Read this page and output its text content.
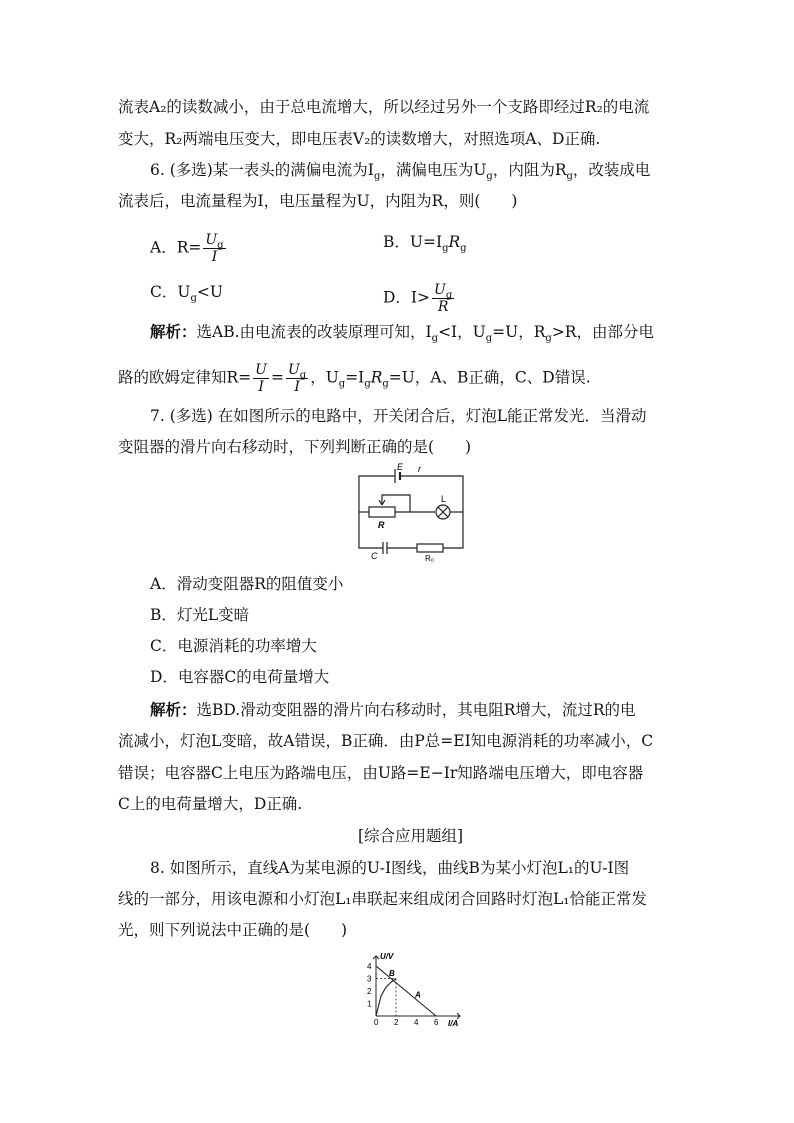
流表A₂的读数减小，由于总电流增大，所以经过另外一个支路即经过R₂的电流
变大，R₂两端电压变大，即电压表V₂的读数增大，对照选项A、D正确.
6. (多选)某一表头的满偏电流为$I_g$，满偏电压为$U_g$，内阻为$R_g$，改装成电
流表后，电流量程为I，电压量程为U，内阻为R，则(　　)
A．$R= \frac{U_g}{I}$	B．$U=I_gR_g$
C．$U_g<U$	D．$I> \frac{U_g}{R}$
解析：选AB.由电流表的改装原理可知，$I_g<I$，$U_g=U$，$R_g>R$，由部分电
路的欧姆定律知$R= \frac{U}{I} = \frac{U_g}{I}$ ，$U_g=I_gR_g=U$，A、B正确，C、D错误.
7. (多选) 在如图所示的电路中，开关闭合后，灯泡L能正常发光．当滑动
变阻器的滑片向右移动时，下列判断正确的是(　　)
E r
L
R
C	R₀
A．滑动变阻器R的阻值变小
B．灯光L变暗
C．电源消耗的功率增大
D．电容器C的电荷量增大
解析：选BD.滑动变阻器的滑片向右移动时，其电阻R增大，流过R的电
流减小，灯泡L变暗，故A错误，B正确．由P总=EI知电源消耗的功率减小，C
错误；电容器C上电压为路端电压，由U路=E−Ir知路端电压增大，即电容器
C上的电荷量增大，D正确.
[综合应用题组]
8. 如图所示，直线A为某电源的U-I图线，曲线B为某小灯泡L₁的U-I图
线的一部分，用该电源和小灯泡L₁串联起来组成闭合回路时灯泡L₁恰能正常发
光，则下列说法中正确的是(　　)
4
3
2
1
0 2 4 6
A
B
U/V
I/A
